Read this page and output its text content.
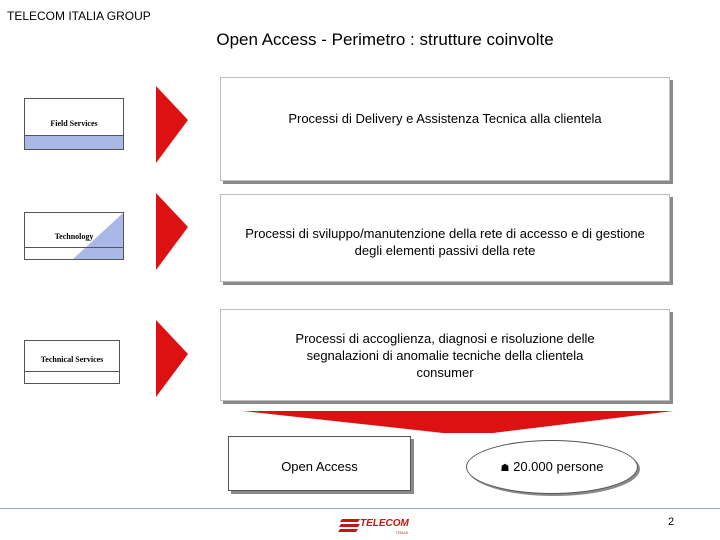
TELECOM ITALIA GROUP
Open Access - Perimetro : strutture coinvolte
Field Services
Technology
Technical Services
Processi di Delivery e Assistenza Tecnica alla clientela
Processi di sviluppo/manutenzione della rete di accesso e di gestione degli elementi passivi della rete
Processi di accoglienza, diagnosi e risoluzione delle segnalazioni di anomalie tecniche della clientela consumer
Open Access	☗ 20.000 persone
TELECOM
ITALIA
2
